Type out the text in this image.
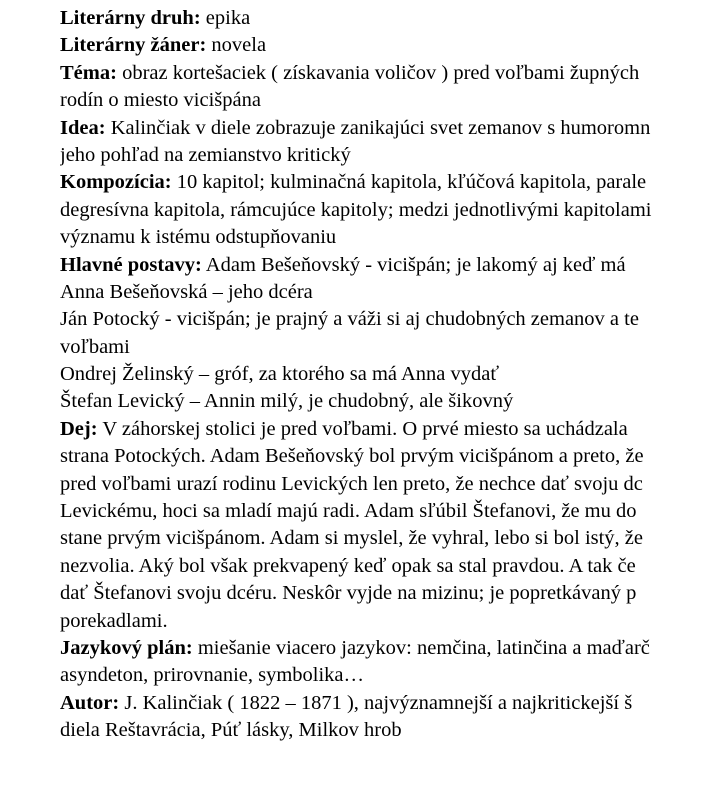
Literárny druh: epika
Literárny žáner: novela
Téma: obraz kortešaciek ( získavania voličov ) pred voľbami župných
rodín o miesto vicišpána
Idea: Kalinčiak v diele zobrazuje zanikajúci svet zemanov s humoromn
jeho pohľad na zemianstvo kritický
Kompozícia: 10 kapitol; kulminačná kapitola, kľúčová kapitola, parale
degresívna kapitola, rámcujúce kapitoly; medzi jednotlivými kapitolami
významu k istému odstupňovaniu
Hlavné postavy: Adam Bešeňovský - vicišpán; je lakomý aj keď má
Anna Bešeňovská – jeho dcéra
Ján Potocký - vicišpán; je prajný a váži si aj chudobných zemanov a te
voľbami
Ondrej Želinský – gróf, za ktorého sa má Anna vydať
Štefan Levický – Annin milý, je chudobný, ale šikovný
Dej: V záhorskej stolici je pred voľbami. O prvé miesto sa uchádzala
strana Potockých. Adam Bešeňovský bol prvým vicišpánom a preto, že
pred voľbami urazí rodinu Levických len preto, že nechce dať svoju dc
Levickému, hoci sa mladí majú radi. Adam sľúbil Štefanovi, že mu do
stane prvým vicišpánom. Adam si myslel, že vyhral, lebo si bol istý, že
nezvolia. Aký bol však prekvapený keď opak sa stal pravdou. A tak če
dať Štefanovi svoju dcéru. Neskôr vyjde na mizinu; je popretkávaný p
porekadlami.
Jazykový plán: miešanie viacero jazykov: nemčina, latinčina a maďarč
asyndeton, prirovnanie, symbolika…
Autor: J. Kalinčiak ( 1822 – 1871 ), najvýznamnejší a najkritickejší š
diela Reštavrácia, Púť lásky, Milkov hrob
